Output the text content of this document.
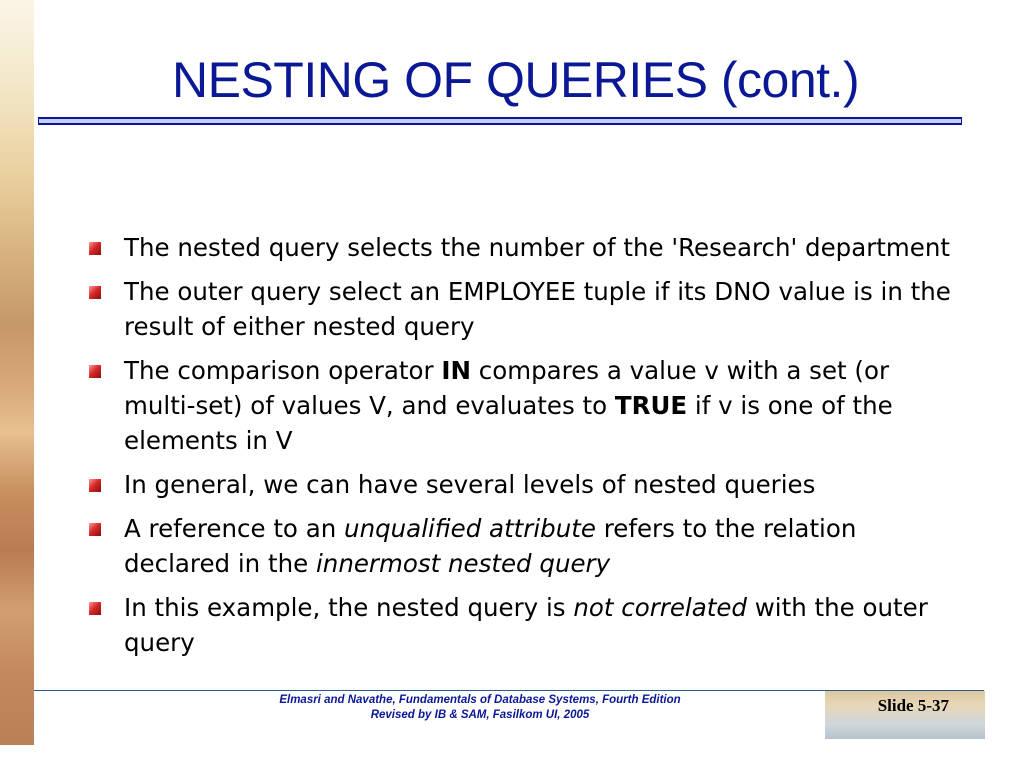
NESTING OF QUERIES (cont.)
The nested query selects the number of the 'Research' department
The outer query select an EMPLOYEE tuple if its DNO value is in the result of either nested query
The comparison operator IN compares a value v with a set (or multi-set) of values V, and evaluates to TRUE if v is one of the elements in V
In general, we can have several levels of nested queries
A reference to an unqualified attribute refers to the relation declared in the innermost nested query
In this example, the nested query is not correlated with the outer query
Elmasri and Navathe, Fundamentals of Database Systems, Fourth Edition
Revised by IB & SAM, Fasilkom UI, 2005	Slide 5-37
